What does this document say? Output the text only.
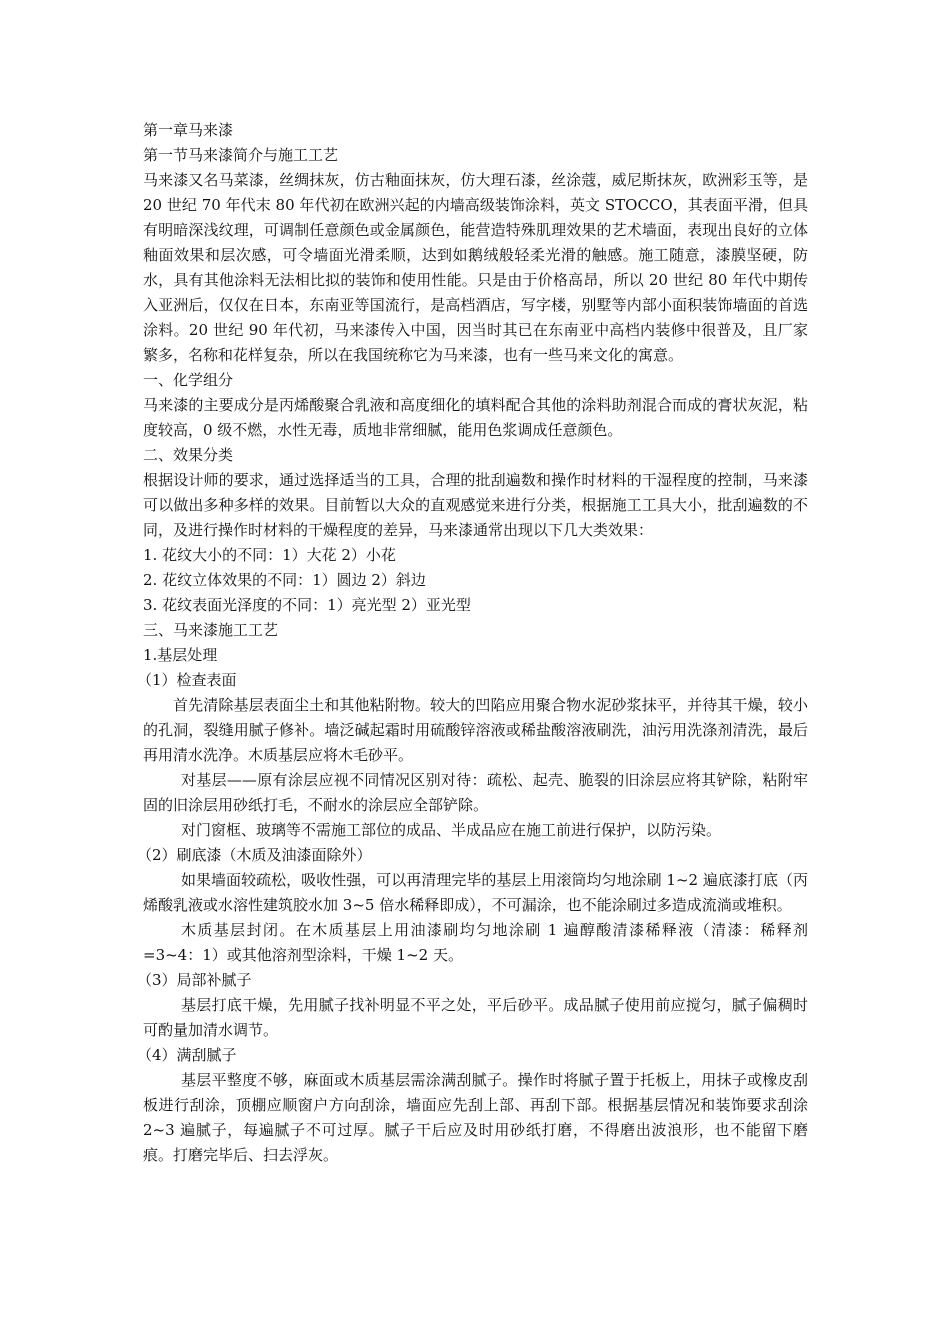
第一章马来漆

第一节马来漆简介与施工工艺

马来漆又名马菜漆，丝绸抹灰，仿古釉面抹灰，仿大理石漆，丝涂蔻，威尼斯抹灰，欧洲彩玉等，是 20 世纪 70 年代末 80 年代初在欧洲兴起的内墙高级装饰涂料，英文 STOCCO，其表面平滑，但具有明暗深浅纹理，可调制任意颜色或金属颜色，能营造特殊肌理效果的艺术墙面，表现出良好的立体釉面效果和层次感，可令墙面光滑柔顺，达到如鹅绒般轻柔光滑的触感。施工随意，漆膜坚硬，防水，具有其他涂料无法相比拟的装饰和使用性能。只是由于价格高昂，所以 20 世纪 80 年代中期传入亚洲后，仅仅在日本，东南亚等国流行，是高档酒店，写字楼，别墅等内部小面积装饰墙面的首选涂料。20 世纪 90 年代初，马来漆传入中国，因当时其已在东南亚中高档内装修中很普及，且厂家繁多，名称和花样复杂，所以在我国统称它为马来漆，也有一些马来文化的寓意。

一、化学组分

马来漆的主要成分是丙烯酸聚合乳液和高度细化的填料配合其他的涂料助剂混合而成的膏状灰泥，粘度较高，0 级不燃，水性无毒，质地非常细腻，能用色浆调成任意颜色。

二、效果分类

根据设计师的要求，通过选择适当的工具，合理的批刮遍数和操作时材料的干湿程度的控制，马来漆可以做出多种多样的效果。目前暂以大众的直观感觉来进行分类，根据施工工具大小，批刮遍数的不同，及进行操作时材料的干燥程度的差异，马来漆通常出现以下几大类效果：

1. 花纹大小的不同：1）大花 2）小花

2. 花纹立体效果的不同：1）圆边 2）斜边

3. 花纹表面光泽度的不同：1）亮光型 2）亚光型

三、马来漆施工工艺

1.基层处理

（1）检查表面

首先清除基层表面尘土和其他粘附物。较大的凹陷应用聚合物水泥砂浆抹平，并待其干燥，较小的孔洞，裂缝用腻子修补。墙泛碱起霜时用硫酸锌溶液或稀盐酸溶液刷洗，油污用洗涤剂清洗，最后再用清水洗净。木质基层应将木毛砂平。

对基层——原有涂层应视不同情况区别对待：疏松、起壳、脆裂的旧涂层应将其铲除，粘附牢固的旧涂层用砂纸打毛，不耐水的涂层应全部铲除。

对门窗框、玻璃等不需施工部位的成品、半成品应在施工前进行保护，以防污染。

（2）刷底漆（木质及油漆面除外）

如果墙面较疏松，吸收性强，可以再清理完毕的基层上用滚筒均匀地涂刷 1~2 遍底漆打底（丙烯酸乳液或水溶性建筑胶水加 3~5 倍水稀释即成），不可漏涂，也不能涂刷过多造成流淌或堆积。

木质基层封闭。在木质基层上用油漆刷均匀地涂刷 1 遍醇酸清漆稀释液（清漆：稀释剂=3~4：1）或其他溶剂型涂料，干燥 1~2 天。

（3）局部补腻子

基层打底干燥，先用腻子找补明显不平之处，平后砂平。成品腻子使用前应搅匀，腻子偏稠时可酌量加清水调节。

（4）满刮腻子

基层平整度不够，麻面或木质基层需涂满刮腻子。操作时将腻子置于托板上，用抹子或橡皮刮板进行刮涂，顶棚应顺窗户方向刮涂，墙面应先刮上部、再刮下部。根据基层情况和装饰要求刮涂 2~3 遍腻子，每遍腻子不可过厚。腻子干后应及时用砂纸打磨，不得磨出波浪形，也不能留下磨痕。打磨完毕后、扫去浮灰。
